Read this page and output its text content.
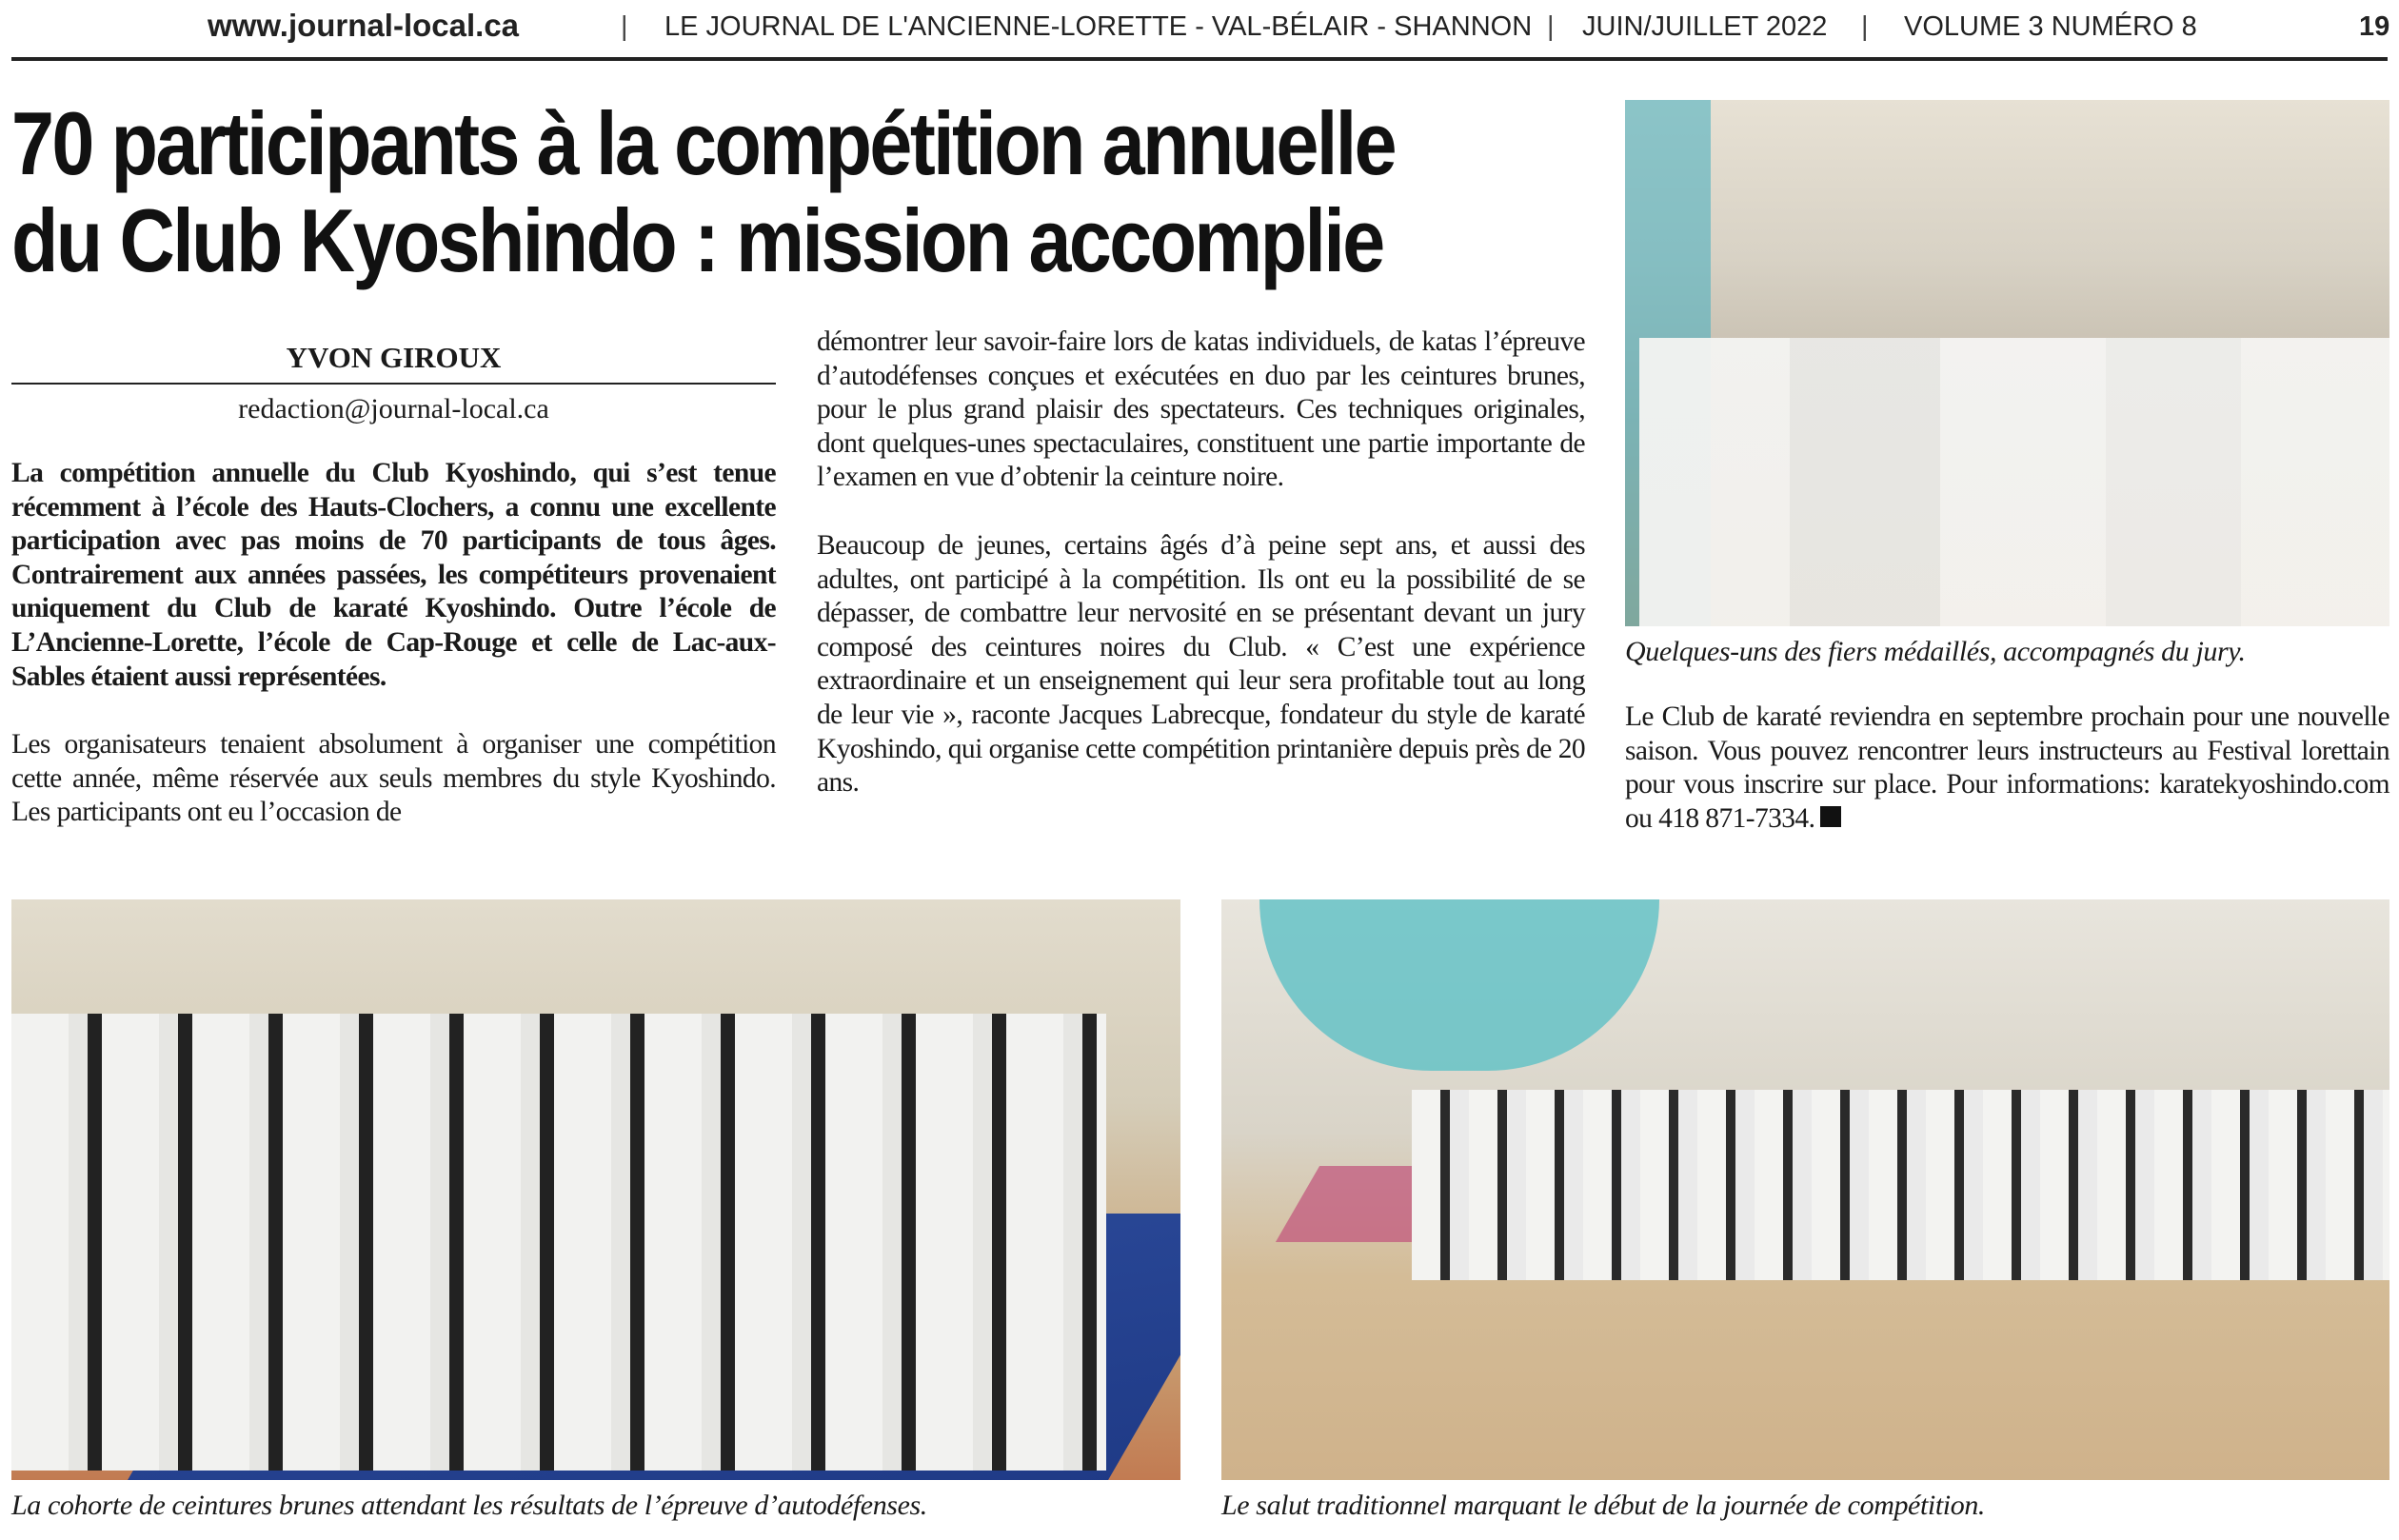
www.journal-local.ca	| LE JOURNAL DE L'ANCIENNE-LORETTE - VAL-BÉLAIR - SHANNON | JUIN/JUILLET 2022 | VOLUME 3 NUMÉRO 8	19
70 participants à la compétition annuelle
du Club Kyoshindo : mission accomplie
YVON GIROUX
redaction@journal-local.ca

La compétition annuelle du Club Kyoshindo, qui s’est tenue récemment à l’école des Hauts-Clochers, a connu une excellente participation avec pas moins de 70 participants de tous âges. Contrairement aux années passées, les compétiteurs provenaient uniquement du Club de karaté Kyoshindo. Outre l’école de L’Ancienne-Lorette, l’école de Cap-Rouge et celle de Lac-aux-Sables étaient aussi représentées.

Les organisateurs tenaient absolument à organiser une compétition cette année, même réservée aux seuls membres du style Kyoshindo. Les participants ont eu l’occasion de

démontrer leur savoir-faire lors de katas individuels, de katas l’épreuve d’autodéfenses conçues et exécutées en duo par les ceintures brunes, pour le plus grand plaisir des spectateurs. Ces techniques originales, dont quelques-unes spectaculaires, constituent une partie importante de l’examen en vue d’obtenir la ceinture noire.

Beaucoup de jeunes, certains âgés d’à peine sept ans, et aussi des adultes, ont participé à la compétition. Ils ont eu la possibilité de se dépasser, de combattre leur nervosité en se présentant devant un jury composé des ceintures noires du Club. « C’est une expérience extraordinaire et un enseignement qui leur sera profitable tout au long de leur vie », raconte Jacques Labrecque, fondateur du style de karaté Kyoshindo, qui organise cette compétition printanière depuis près de 20 ans.

Quelques-uns des fiers médaillés, accompagnés du jury.

Le Club de karaté reviendra en septembre prochain pour une nouvelle saison. Vous pouvez rencontrer leurs instructeurs au Festival lorettain pour vous inscrire sur place. Pour informations: karatekyoshindo.com ou 418 871-7334.

La cohorte de ceintures brunes attendant les résultats de l’épreuve d’autodéfenses.	Le salut traditionnel marquant le début de la journée de compétition.
